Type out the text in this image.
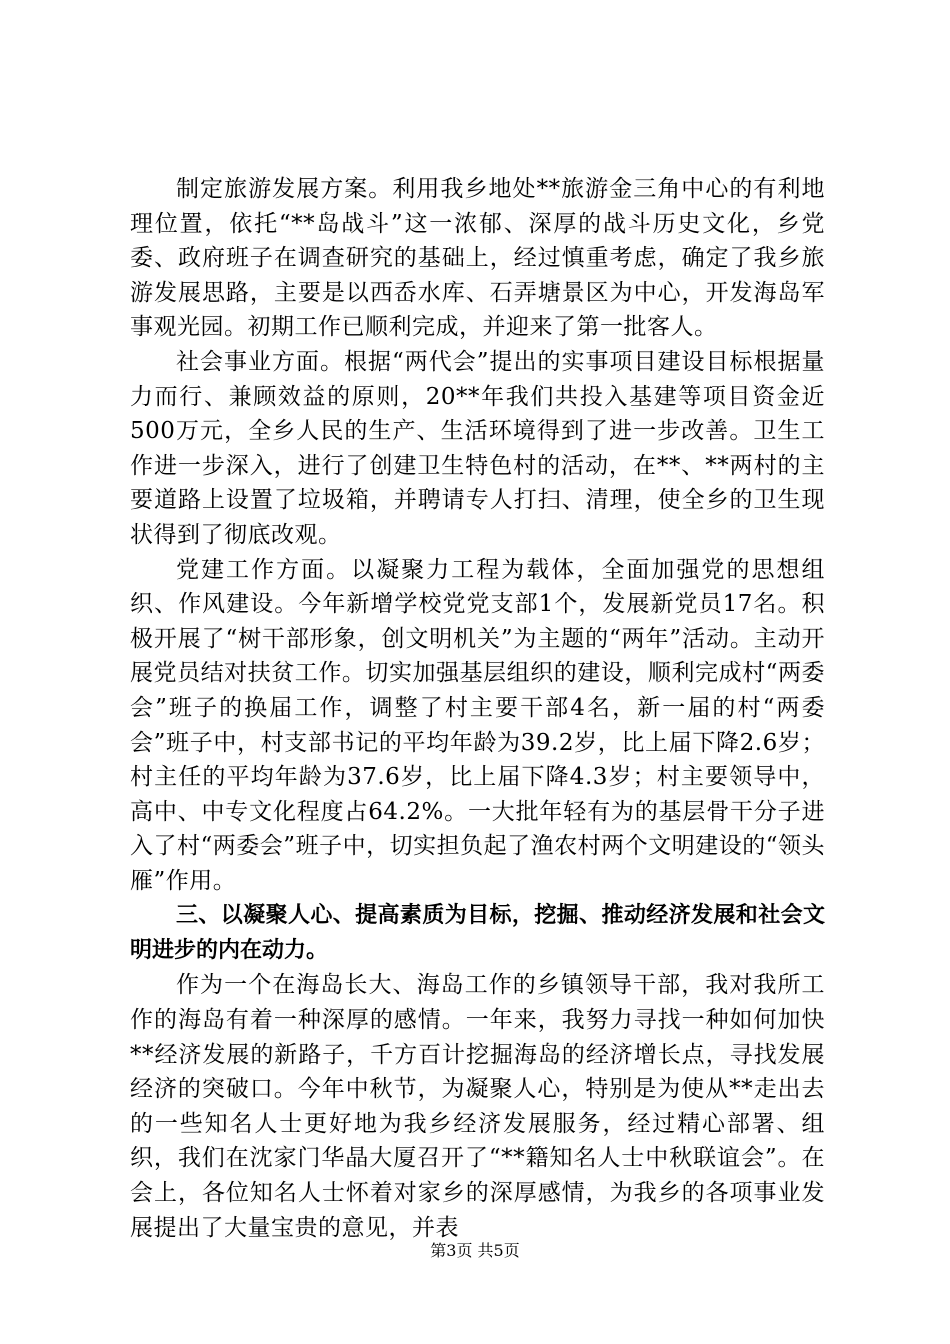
制定旅游发展方案。利用我乡地处**旅游金三角中心的有利地理位置，依托“**岛战斗”这一浓郁、深厚的战斗历史文化，乡党委、政府班子在调查研究的基础上，经过慎重考虑，确定了我乡旅游发展思路，主要是以西岙水库、石弄塘景区为中心，开发海岛军事观光园。初期工作已顺利完成，并迎来了第一批客人。

社会事业方面。根据“两代会”提出的实事项目建设目标根据量力而行、兼顾效益的原则，20**年我们共投入基建等项目资金近500万元，全乡人民的生产、生活环境得到了进一步改善。卫生工作进一步深入，进行了创建卫生特色村的活动，在**、**两村的主要道路上设置了垃圾箱，并聘请专人打扫、清理，使全乡的卫生现状得到了彻底改观。

党建工作方面。以凝聚力工程为载体，全面加强党的思想组织、作风建设。今年新增学校党党支部1个，发展新党员17名。积极开展了“树干部形象，创文明机关”为主题的“两年”活动。主动开展党员结对扶贫工作。切实加强基层组织的建设，顺利完成村“两委会”班子的换届工作，调整了村主要干部4名，新一届的村“两委会”班子中，村支部书记的平均年龄为39.2岁，比上届下降2.6岁；村主任的平均年龄为37.6岁，比上届下降4.3岁；村主要领导中，高中、中专文化程度占64.2%。一大批年轻有为的基层骨干分子进入了村“两委会”班子中，切实担负起了渔农村两个文明建设的“领头雁”作用。

三、以凝聚人心、提高素质为目标，挖掘、推动经济发展和社会文明进步的内在动力。

作为一个在海岛长大、海岛工作的乡镇领导干部，我对我所工作的海岛有着一种深厚的感情。一年来，我努力寻找一种如何加快**经济发展的新路子，千方百计挖掘海岛的经济增长点，寻找发展经济的突破口。今年中秋节，为凝聚人心，特别是为使从**走出去的一些知名人士更好地为我乡经济发展服务，经过精心部署、组织，我们在沈家门华晶大厦召开了“**籍知名人士中秋联谊会”。在会上，各位知名人士怀着对家乡的深厚感情，为我乡的各项事业发展提出了大量宝贵的意见，并表

第3页 共5页
